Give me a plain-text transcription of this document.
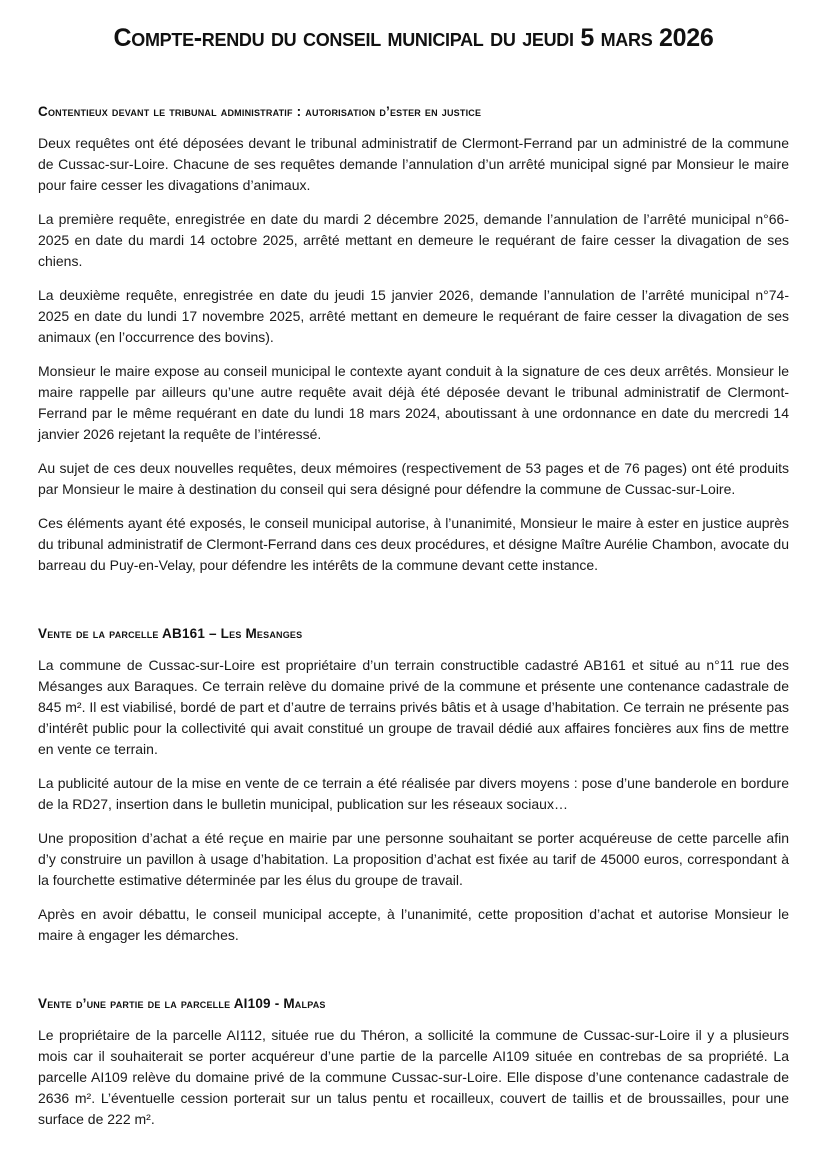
Compte-rendu du conseil municipal du jeudi 5 mars 2026
Contentieux devant le tribunal administratif : autorisation d’ester en justice

Deux requêtes ont été déposées devant le tribunal administratif de Clermont-Ferrand par un administré de la commune de Cussac-sur-Loire. Chacune de ses requêtes demande l’annulation d’un arrêté municipal signé par Monsieur le maire pour faire cesser les divagations d’animaux.

La première requête, enregistrée en date du mardi 2 décembre 2025, demande l’annulation de l’arrêté municipal n°66-2025 en date du mardi 14 octobre 2025, arrêté mettant en demeure le requérant de faire cesser la divagation de ses chiens.

La deuxième requête, enregistrée en date du jeudi 15 janvier 2026, demande l’annulation de l’arrêté municipal n°74-2025 en date du lundi 17 novembre 2025, arrêté mettant en demeure le requérant de faire cesser la divagation de ses animaux (en l’occurrence des bovins).

Monsieur le maire expose au conseil municipal le contexte ayant conduit à la signature de ces deux arrêtés. Monsieur le maire rappelle par ailleurs qu’une autre requête avait déjà été déposée devant le tribunal administratif de Clermont-Ferrand par le même requérant en date du lundi 18 mars 2024, aboutissant à une ordonnance en date du mercredi 14 janvier 2026 rejetant la requête de l’intéressé.

Au sujet de ces deux nouvelles requêtes, deux mémoires (respectivement de 53 pages et de 76 pages) ont été produits par Monsieur le maire à destination du conseil qui sera désigné pour défendre la commune de Cussac-sur-Loire.

Ces éléments ayant été exposés, le conseil municipal autorise, à l’unanimité, Monsieur le maire à ester en justice auprès du tribunal administratif de Clermont-Ferrand dans ces deux procédures, et désigne Maître Aurélie Chambon, avocate du barreau du Puy-en-Velay, pour défendre les intérêts de la commune devant cette instance.

Vente de la parcelle AB161 – Les Mesanges

La commune de Cussac-sur-Loire est propriétaire d’un terrain constructible cadastré AB161 et situé au n°11 rue des Mésanges aux Baraques. Ce terrain relève du domaine privé de la commune et présente une contenance cadastrale de 845 m². Il est viabilisé, bordé de part et d’autre de terrains privés bâtis et à usage d’habitation. Ce terrain ne présente pas d’intérêt public pour la collectivité qui avait constitué un groupe de travail dédié aux affaires foncières aux fins de mettre en vente ce terrain.

La publicité autour de la mise en vente de ce terrain a été réalisée par divers moyens : pose d’une banderole en bordure de la RD27, insertion dans le bulletin municipal, publication sur les réseaux sociaux…

Une proposition d’achat a été reçue en mairie par une personne souhaitant se porter acquéreuse de cette parcelle afin d’y construire un pavillon à usage d’habitation. La proposition d’achat est fixée au tarif de 45000 euros, correspondant à la fourchette estimative déterminée par les élus du groupe de travail.

Après en avoir débattu, le conseil municipal accepte, à l’unanimité, cette proposition d’achat et autorise Monsieur le maire à engager les démarches.

Vente d’une partie de la parcelle AI109 - Malpas

Le propriétaire de la parcelle AI112, située rue du Théron, a sollicité la commune de Cussac-sur-Loire il y a plusieurs mois car il souhaiterait se porter acquéreur d’une partie de la parcelle AI109 située en contrebas de sa propriété. La parcelle AI109 relève du domaine privé de la commune Cussac-sur-Loire. Elle dispose d’une contenance cadastrale de 2636 m². L’éventuelle cession porterait sur un talus pentu et rocailleux, couvert de taillis et de broussailles, pour une surface de 222 m².
